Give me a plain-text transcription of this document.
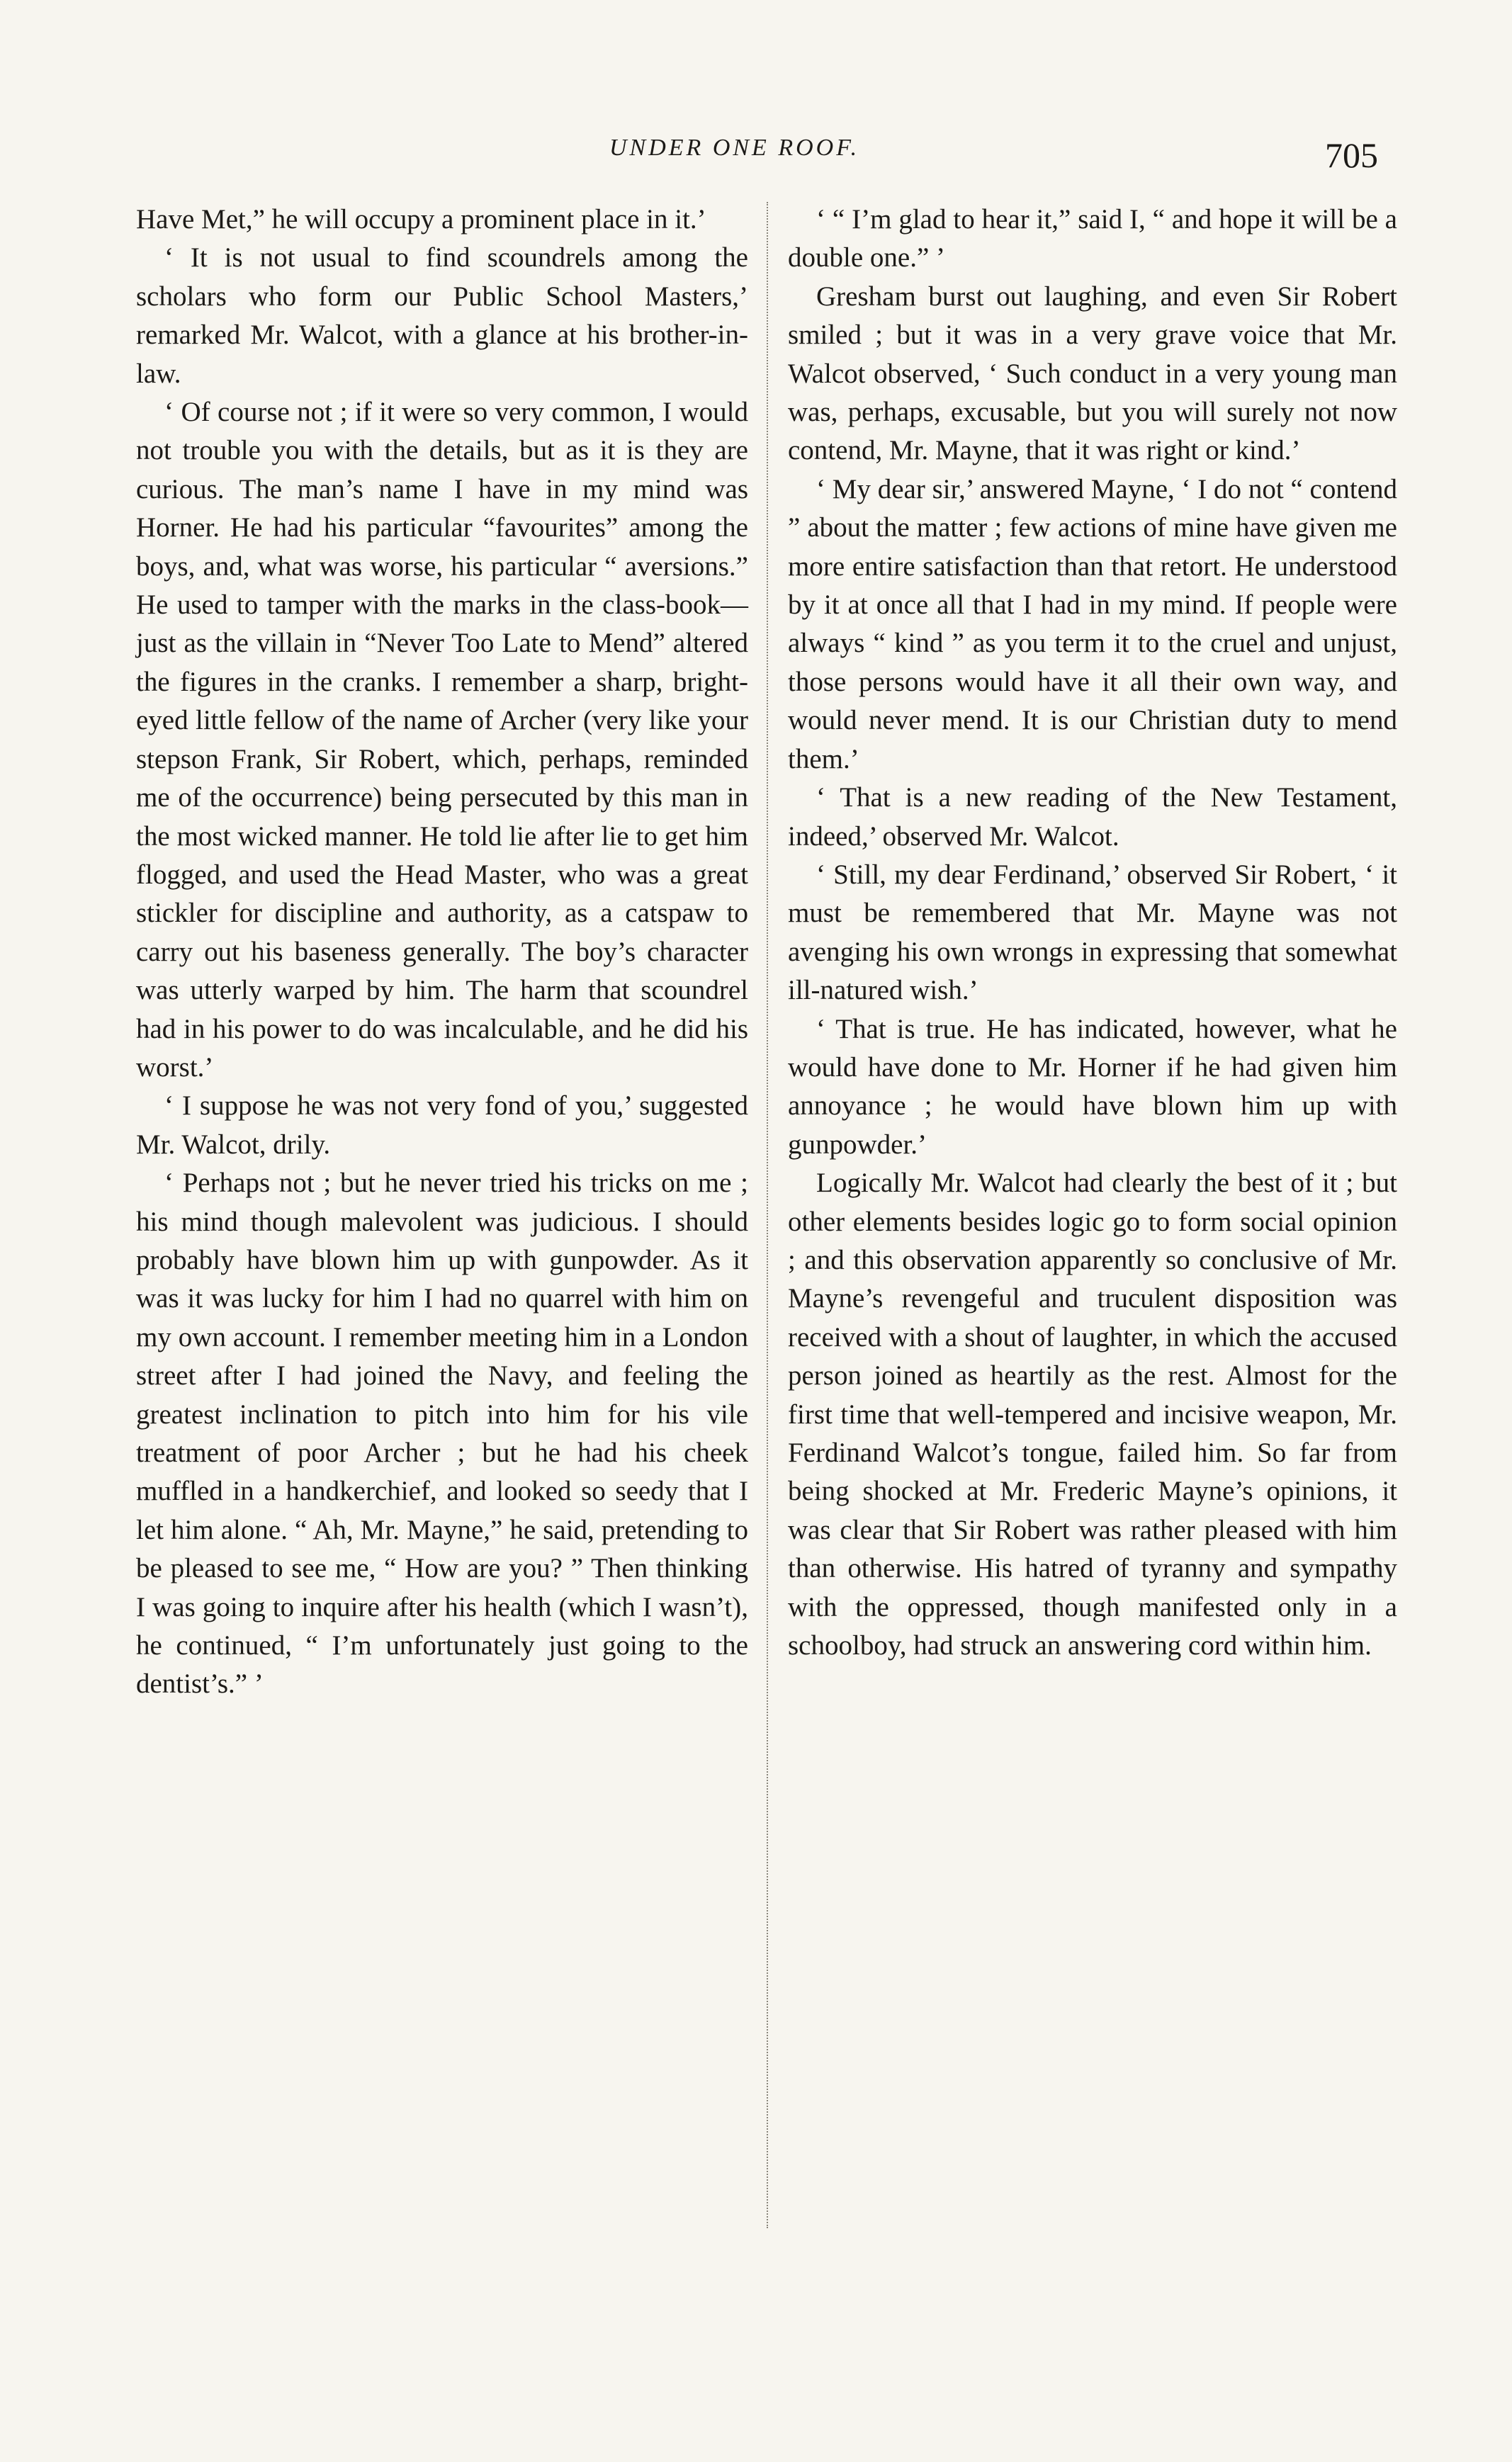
UNDER ONE ROOF.	705

Have Met,” he will occupy a prominent place in it.’

‘ It is not usual to find scoundrels among the scholars who form our Public School Masters,’ remarked Mr. Walcot, with a glance at his brother-in-law.

‘ Of course not ; if it were so very common, I would not trouble you with the details, but as it is they are curious. The man’s name I have in my mind was Horner. He had his particular “favourites” among the boys, and, what was worse, his particular “ aversions.” He used to tamper with the marks in the class-book—just as the villain in “Never Too Late to Mend” altered the figures in the cranks. I remember a sharp, bright-eyed little fellow of the name of Archer (very like your stepson Frank, Sir Robert, which, perhaps, reminded me of the occurrence) being persecuted by this man in the most wicked manner. He told lie after lie to get him flogged, and used the Head Master, who was a great stickler for discipline and authority, as a catspaw to carry out his baseness generally. The boy’s character was utterly warped by him. The harm that scoundrel had in his power to do was incalculable, and he did his worst.’

‘ I suppose he was not very fond of you,’ suggested Mr. Walcot, drily.

‘ Perhaps not ; but he never tried his tricks on me ; his mind though malevolent was judicious. I should probably have blown him up with gunpowder. As it was it was lucky for him I had no quarrel with him on my own account. I remember meeting him in a London street after I had joined the Navy, and feeling the greatest inclination to pitch into him for his vile treatment of poor Archer ; but he had his cheek muffled in a handkerchief, and looked so seedy that I let him alone. “ Ah, Mr. Mayne,” he said, pretending to be pleased to see me, “ How are you? ” Then thinking I was going to inquire after his health (which I wasn’t), he continued, “ I’m unfortunately just going to the dentist’s.” ’

‘ “ I’m glad to hear it,” said I, “ and hope it will be a double one.” ’

Gresham burst out laughing, and even Sir Robert smiled ; but it was in a very grave voice that Mr. Walcot observed, ‘ Such conduct in a very young man was, perhaps, excusable, but you will surely not now contend, Mr. Mayne, that it was right or kind.’

‘ My dear sir,’ answered Mayne, ‘ I do not “ contend ” about the matter ; few actions of mine have given me more entire satisfaction than that retort. He understood by it at once all that I had in my mind. If people were always “ kind ” as you term it to the cruel and unjust, those persons would have it all their own way, and would never mend. It is our Christian duty to mend them.’

‘ That is a new reading of the New Testament, indeed,’ observed Mr. Walcot.

‘ Still, my dear Ferdinand,’ observed Sir Robert, ‘ it must be remembered that Mr. Mayne was not avenging his own wrongs in expressing that somewhat ill-natured wish.’

‘ That is true. He has indicated, however, what he would have done to Mr. Horner if he had given him annoyance ; he would have blown him up with gunpowder.’

Logically Mr. Walcot had clearly the best of it ; but other elements besides logic go to form social opinion ; and this observation apparently so conclusive of Mr. Mayne’s revengeful and truculent disposition was received with a shout of laughter, in which the accused person joined as heartily as the rest. Almost for the first time that well-tempered and incisive weapon, Mr. Ferdinand Walcot’s tongue, failed him. So far from being shocked at Mr. Frederic Mayne’s opinions, it was clear that Sir Robert was rather pleased with him than otherwise. His hatred of tyranny and sympathy with the oppressed, though manifested only in a schoolboy, had struck an answering cord within him.
